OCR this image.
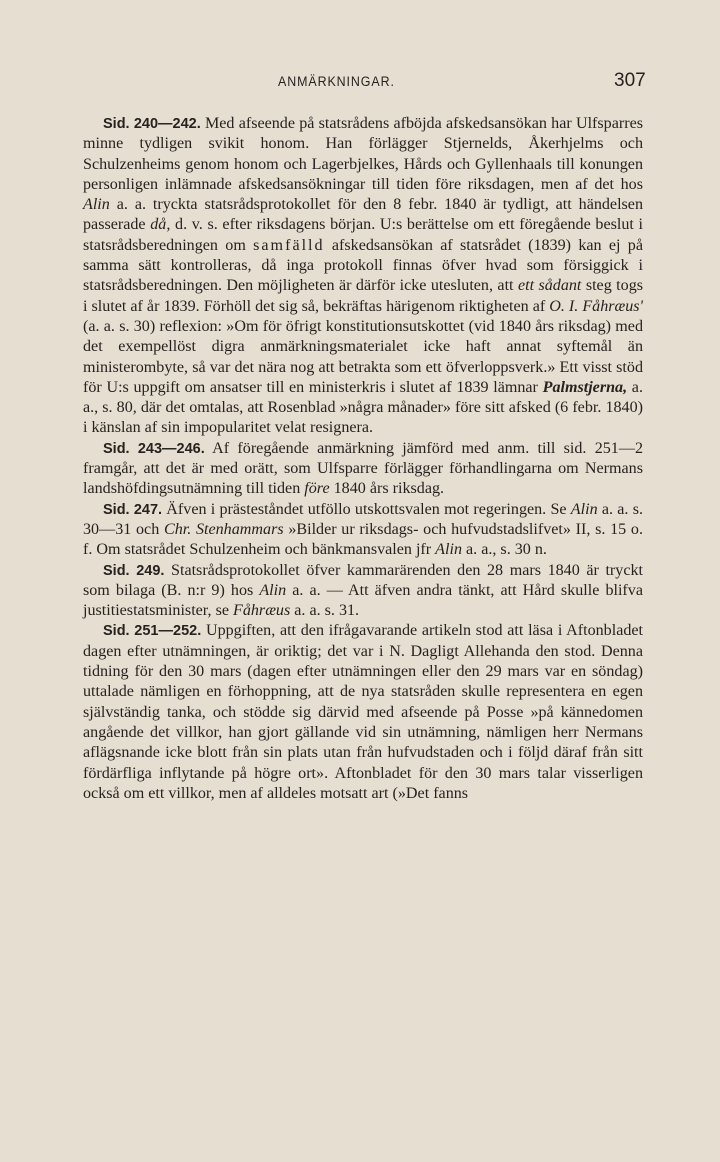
ANMÄRKNINGAR.	307

Sid. 240—242. Med afseende på statsrådens afböjda afskedsansökan har Ulfsparres minne tydligen svikit honom. Han förlägger Stjernelds, Åkerhjelms och Schulzenheims genom honom och Lagerbjelkes, Hårds och Gyllenhaals till konungen personligen inlämnade afskedsansökningar till tiden före riksdagen, men af det hos Alin a. a. tryckta statsrådsprotokollet för den 8 febr. 1840 är tydligt, att händelsen passerade då, d. v. s. efter riksdagens början. U:s berättelse om ett föregående beslut i statsrådsberedningen om samfälld afskedsansökan af statsrådet (1839) kan ej på samma sätt kontrolleras, då inga protokoll finnas öfver hvad som försiggick i statsrådsberedningen. Den möjligheten är därför icke utesluten, att ett sådant steg togs i slutet af år 1839. Förhöll det sig så, bekräftas härigenom riktigheten af O. I. Fåhræus' (a. a. s. 30) reflexion: »Om för öfrigt konstitutionsutskottet (vid 1840 års riksdag) med det exempellöst digra anmärkningsmaterialet icke haft annat syftemål än ministerombyte, så var det nära nog att betrakta som ett öfverloppsverk.» Ett visst stöd för U:s uppgift om ansatser till en ministerkris i slutet af 1839 lämnar Palmstjerna, a. a., s. 80, där det omtalas, att Rosenblad »några månader» före sitt afsked (6 febr. 1840) i känslan af sin impopularitet velat resignera.

Sid. 243—246. Af föregående anmärkning jämförd med anm. till sid. 251—2 framgår, att det är med orätt, som Ulfsparre förlägger förhandlingarna om Nermans landshöfdingsutnämning till tiden före 1840 års riksdag.

Sid. 247. Äfven i prästeståndet utföllo utskottsvalen mot regeringen. Se Alin a. a. s. 30—31 och Chr. Stenhammars »Bilder ur riksdags- och hufvudstadslifvet» II, s. 15 o. f. Om statsrådet Schulzenheim och bänkmansvalen jfr Alin a. a., s. 30 n.

Sid. 249. Statsrådsprotokollet öfver kammarärenden den 28 mars 1840 är tryckt som bilaga (B. n:r 9) hos Alin a. a. — Att äfven andra tänkt, att Hård skulle blifva justitiestatsminister, se Fåhræus a. a. s. 31.

Sid. 251—252. Uppgiften, att den ifrågavarande artikeln stod att läsa i Aftonbladet dagen efter utnämningen, är oriktig; det var i N. Dagligt Allehanda den stod. Denna tidning för den 30 mars (dagen efter utnämningen eller den 29 mars var en söndag) uttalade nämligen en förhoppning, att de nya statsråden skulle representera en egen självständig tanka, och stödde sig därvid med afseende på Posse »på kännedomen angående det villkor, han gjort gällande vid sin utnämning, nämligen herr Nermans aflägsnande icke blott från sin plats utan från hufvudstaden och i följd däraf från sitt fördärfliga inflytande på högre ort». Aftonbladet för den 30 mars talar visserligen också om ett villkor, men af alldeles motsatt art (»Det fanns
